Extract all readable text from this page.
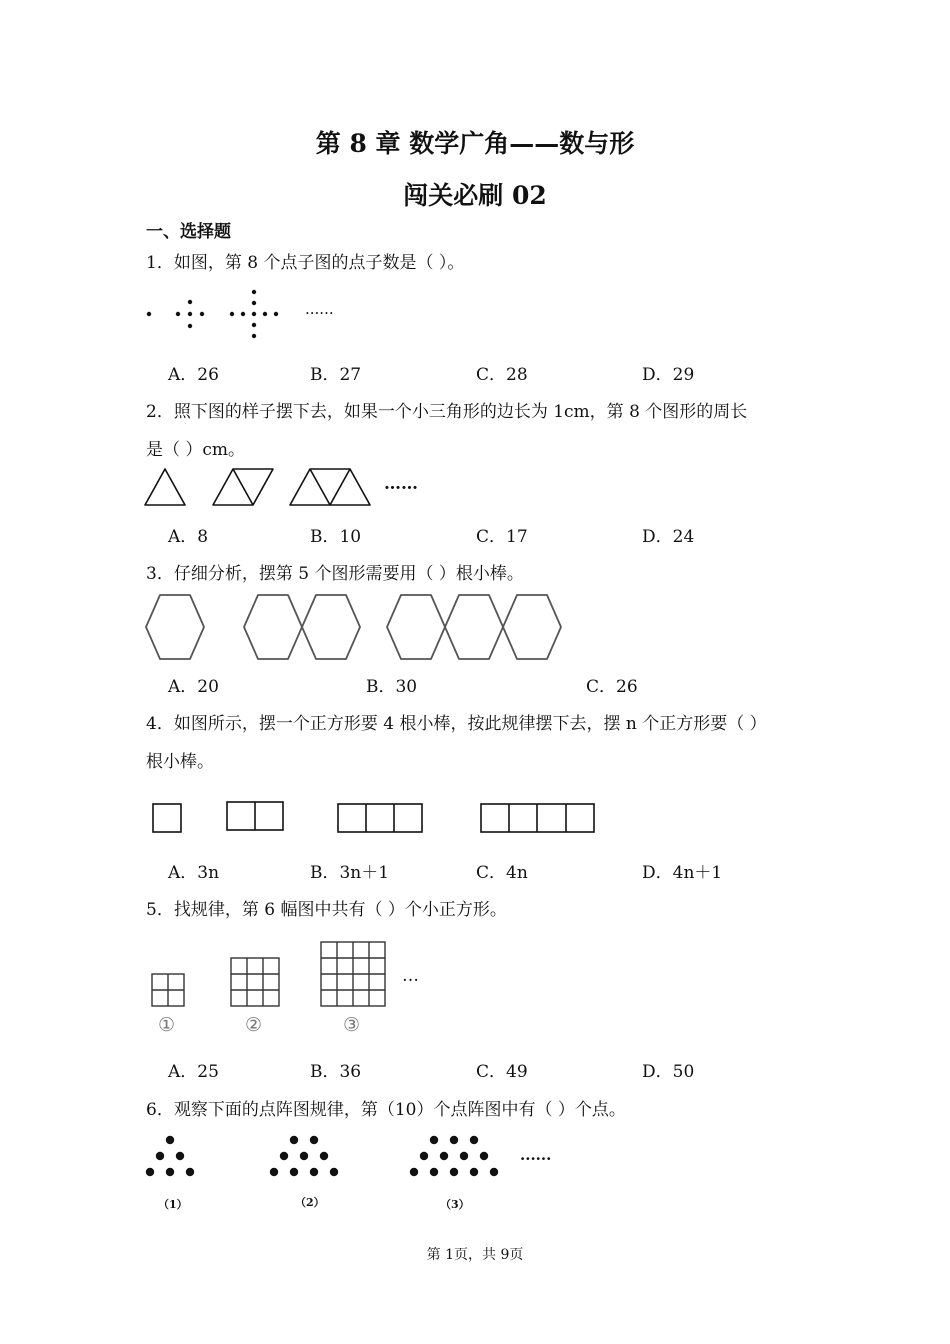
第 8 章 数学广角——数与形
闯关必刷 02
一、选择题
1．如图，第 8 个点子图的点子数是（ ）。
......
A．26	B．27	C．28	D．29
2．照下图的样子摆下去，如果一个小三角形的边长为 1cm，第 8 个图形的周长
是（ ）cm。
……
A．8	B．10	C．17	D．24
3．仔细分析，摆第 5 个图形需要用（ ）根小棒。
A．20	B．30	C．26
4．如图所示，摆一个正方形要 4 根小棒，按此规律摆下去，摆 n 个正方形要（ ）
根小棒。
A．3n	B．3n＋1	C．4n	D．4n＋1
5．找规律，第 6 幅图中共有（ ）个小正方形。
…
①	②	③
A．25	B．36	C．49	D．50
6．观察下面的点阵图规律，第（10）个点阵图中有（ ）个点。
......
（1）	（2）	（3）
第 1页，共 9页
